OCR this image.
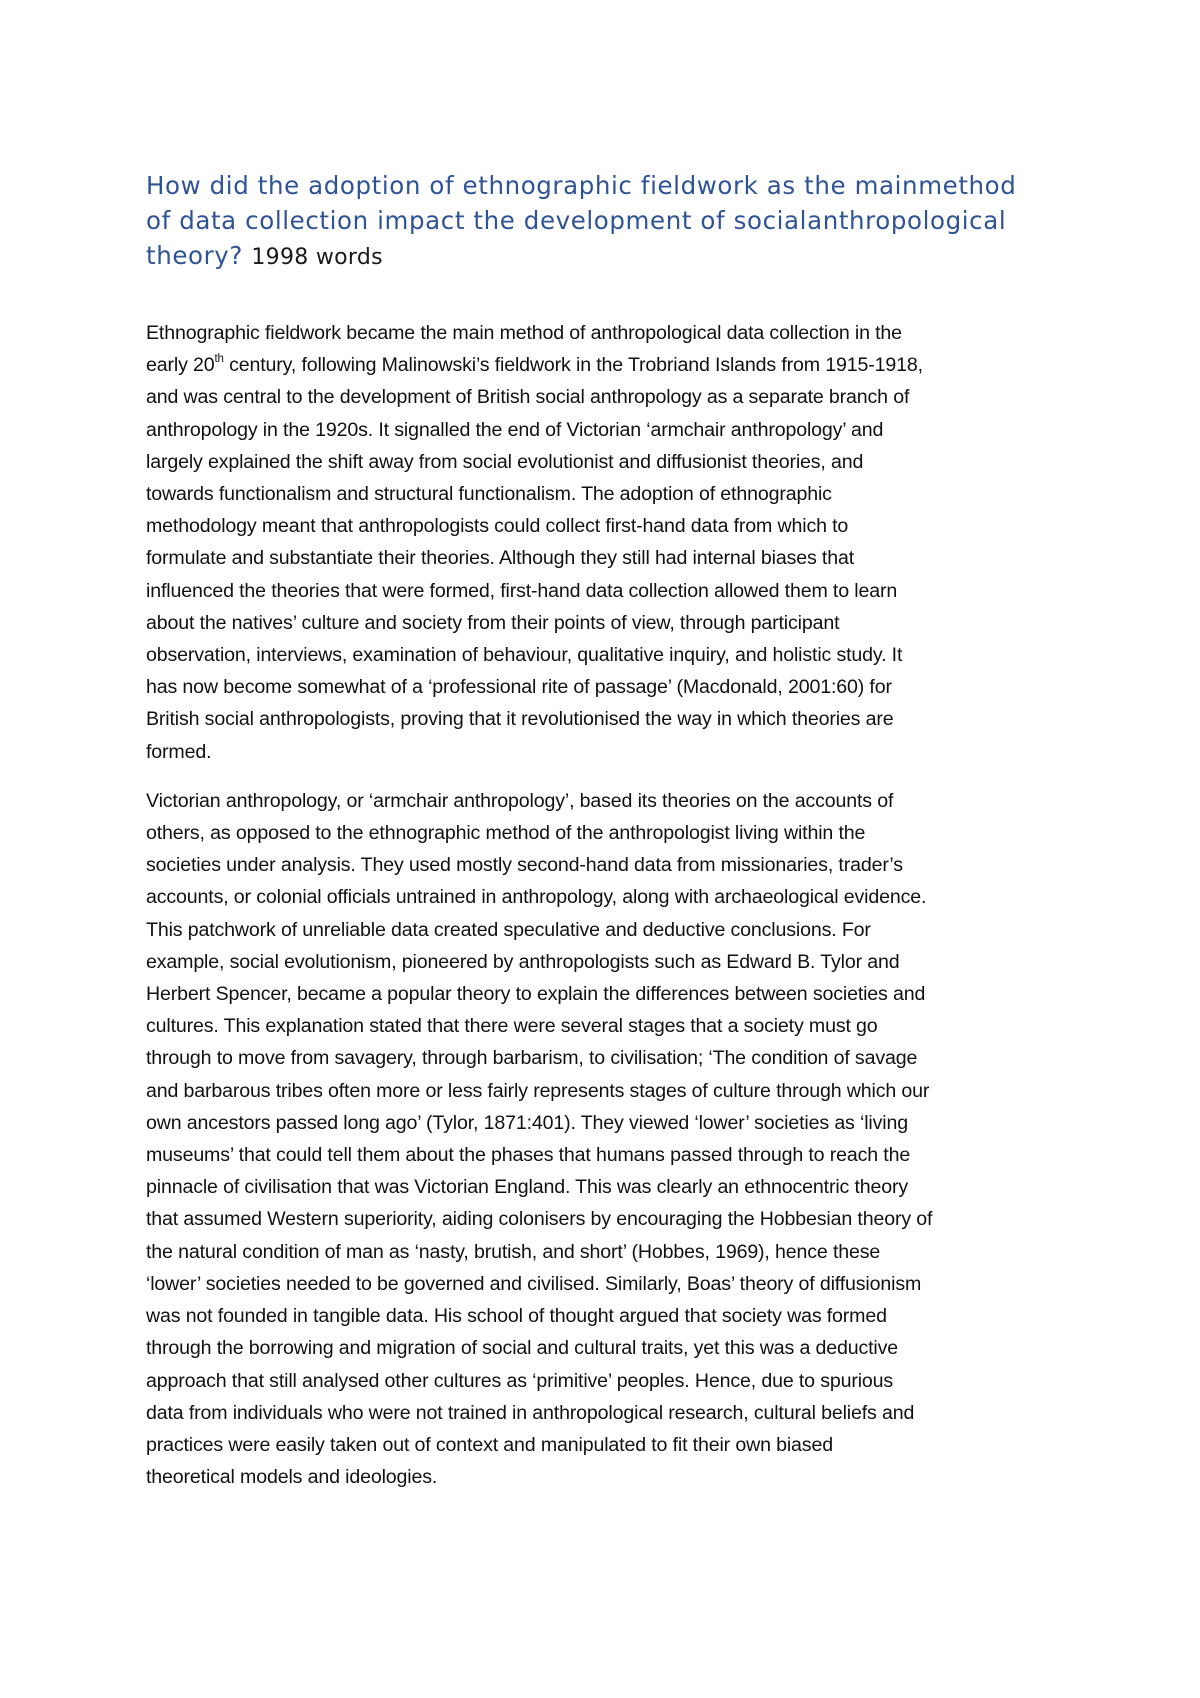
How did the adoption of ethnographic fieldwork as the mainmethod of data collection impact the development of socialanthropological theory? 1998 words

Ethnographic fieldwork became the main method of anthropological data collection in the
early 20th century, following Malinowski’s fieldwork in the Trobriand Islands from 1915-1918,
and was central to the development of British social anthropology as a separate branch of
anthropology in the 1920s. It signalled the end of Victorian ‘armchair anthropology’ and
largely explained the shift away from social evolutionist and diffusionist theories, and
towards functionalism and structural functionalism. The adoption of ethnographic
methodology meant that anthropologists could collect first-hand data from which to
formulate and substantiate their theories. Although they still had internal biases that
influenced the theories that were formed, first-hand data collection allowed them to learn
about the natives’ culture and society from their points of view, through participant
observation, interviews, examination of behaviour, qualitative inquiry, and holistic study. It
has now become somewhat of a ‘professional rite of passage’ (Macdonald, 2001:60) for
British social anthropologists, proving that it revolutionised the way in which theories are
formed.

Victorian anthropology, or ‘armchair anthropology’, based its theories on the accounts of
others, as opposed to the ethnographic method of the anthropologist living within the
societies under analysis. They used mostly second-hand data from missionaries, trader’s
accounts, or colonial officials untrained in anthropology, along with archaeological evidence.
This patchwork of unreliable data created speculative and deductive conclusions. For
example, social evolutionism, pioneered by anthropologists such as Edward B. Tylor and
Herbert Spencer, became a popular theory to explain the differences between societies and
cultures. This explanation stated that there were several stages that a society must go
through to move from savagery, through barbarism, to civilisation; ‘The condition of savage
and barbarous tribes often more or less fairly represents stages of culture through which our
own ancestors passed long ago’ (Tylor, 1871:401). They viewed ‘lower’ societies as ‘living
museums’ that could tell them about the phases that humans passed through to reach the
pinnacle of civilisation that was Victorian England. This was clearly an ethnocentric theory
that assumed Western superiority, aiding colonisers by encouraging the Hobbesian theory of
the natural condition of man as ‘nasty, brutish, and short’ (Hobbes, 1969), hence these
‘lower’ societies needed to be governed and civilised. Similarly, Boas’ theory of diffusionism
was not founded in tangible data. His school of thought argued that society was formed
through the borrowing and migration of social and cultural traits, yet this was a deductive
approach that still analysed other cultures as ‘primitive’ peoples. Hence, due to spurious
data from individuals who were not trained in anthropological research, cultural beliefs and
practices were easily taken out of context and manipulated to fit their own biased
theoretical models and ideologies.
